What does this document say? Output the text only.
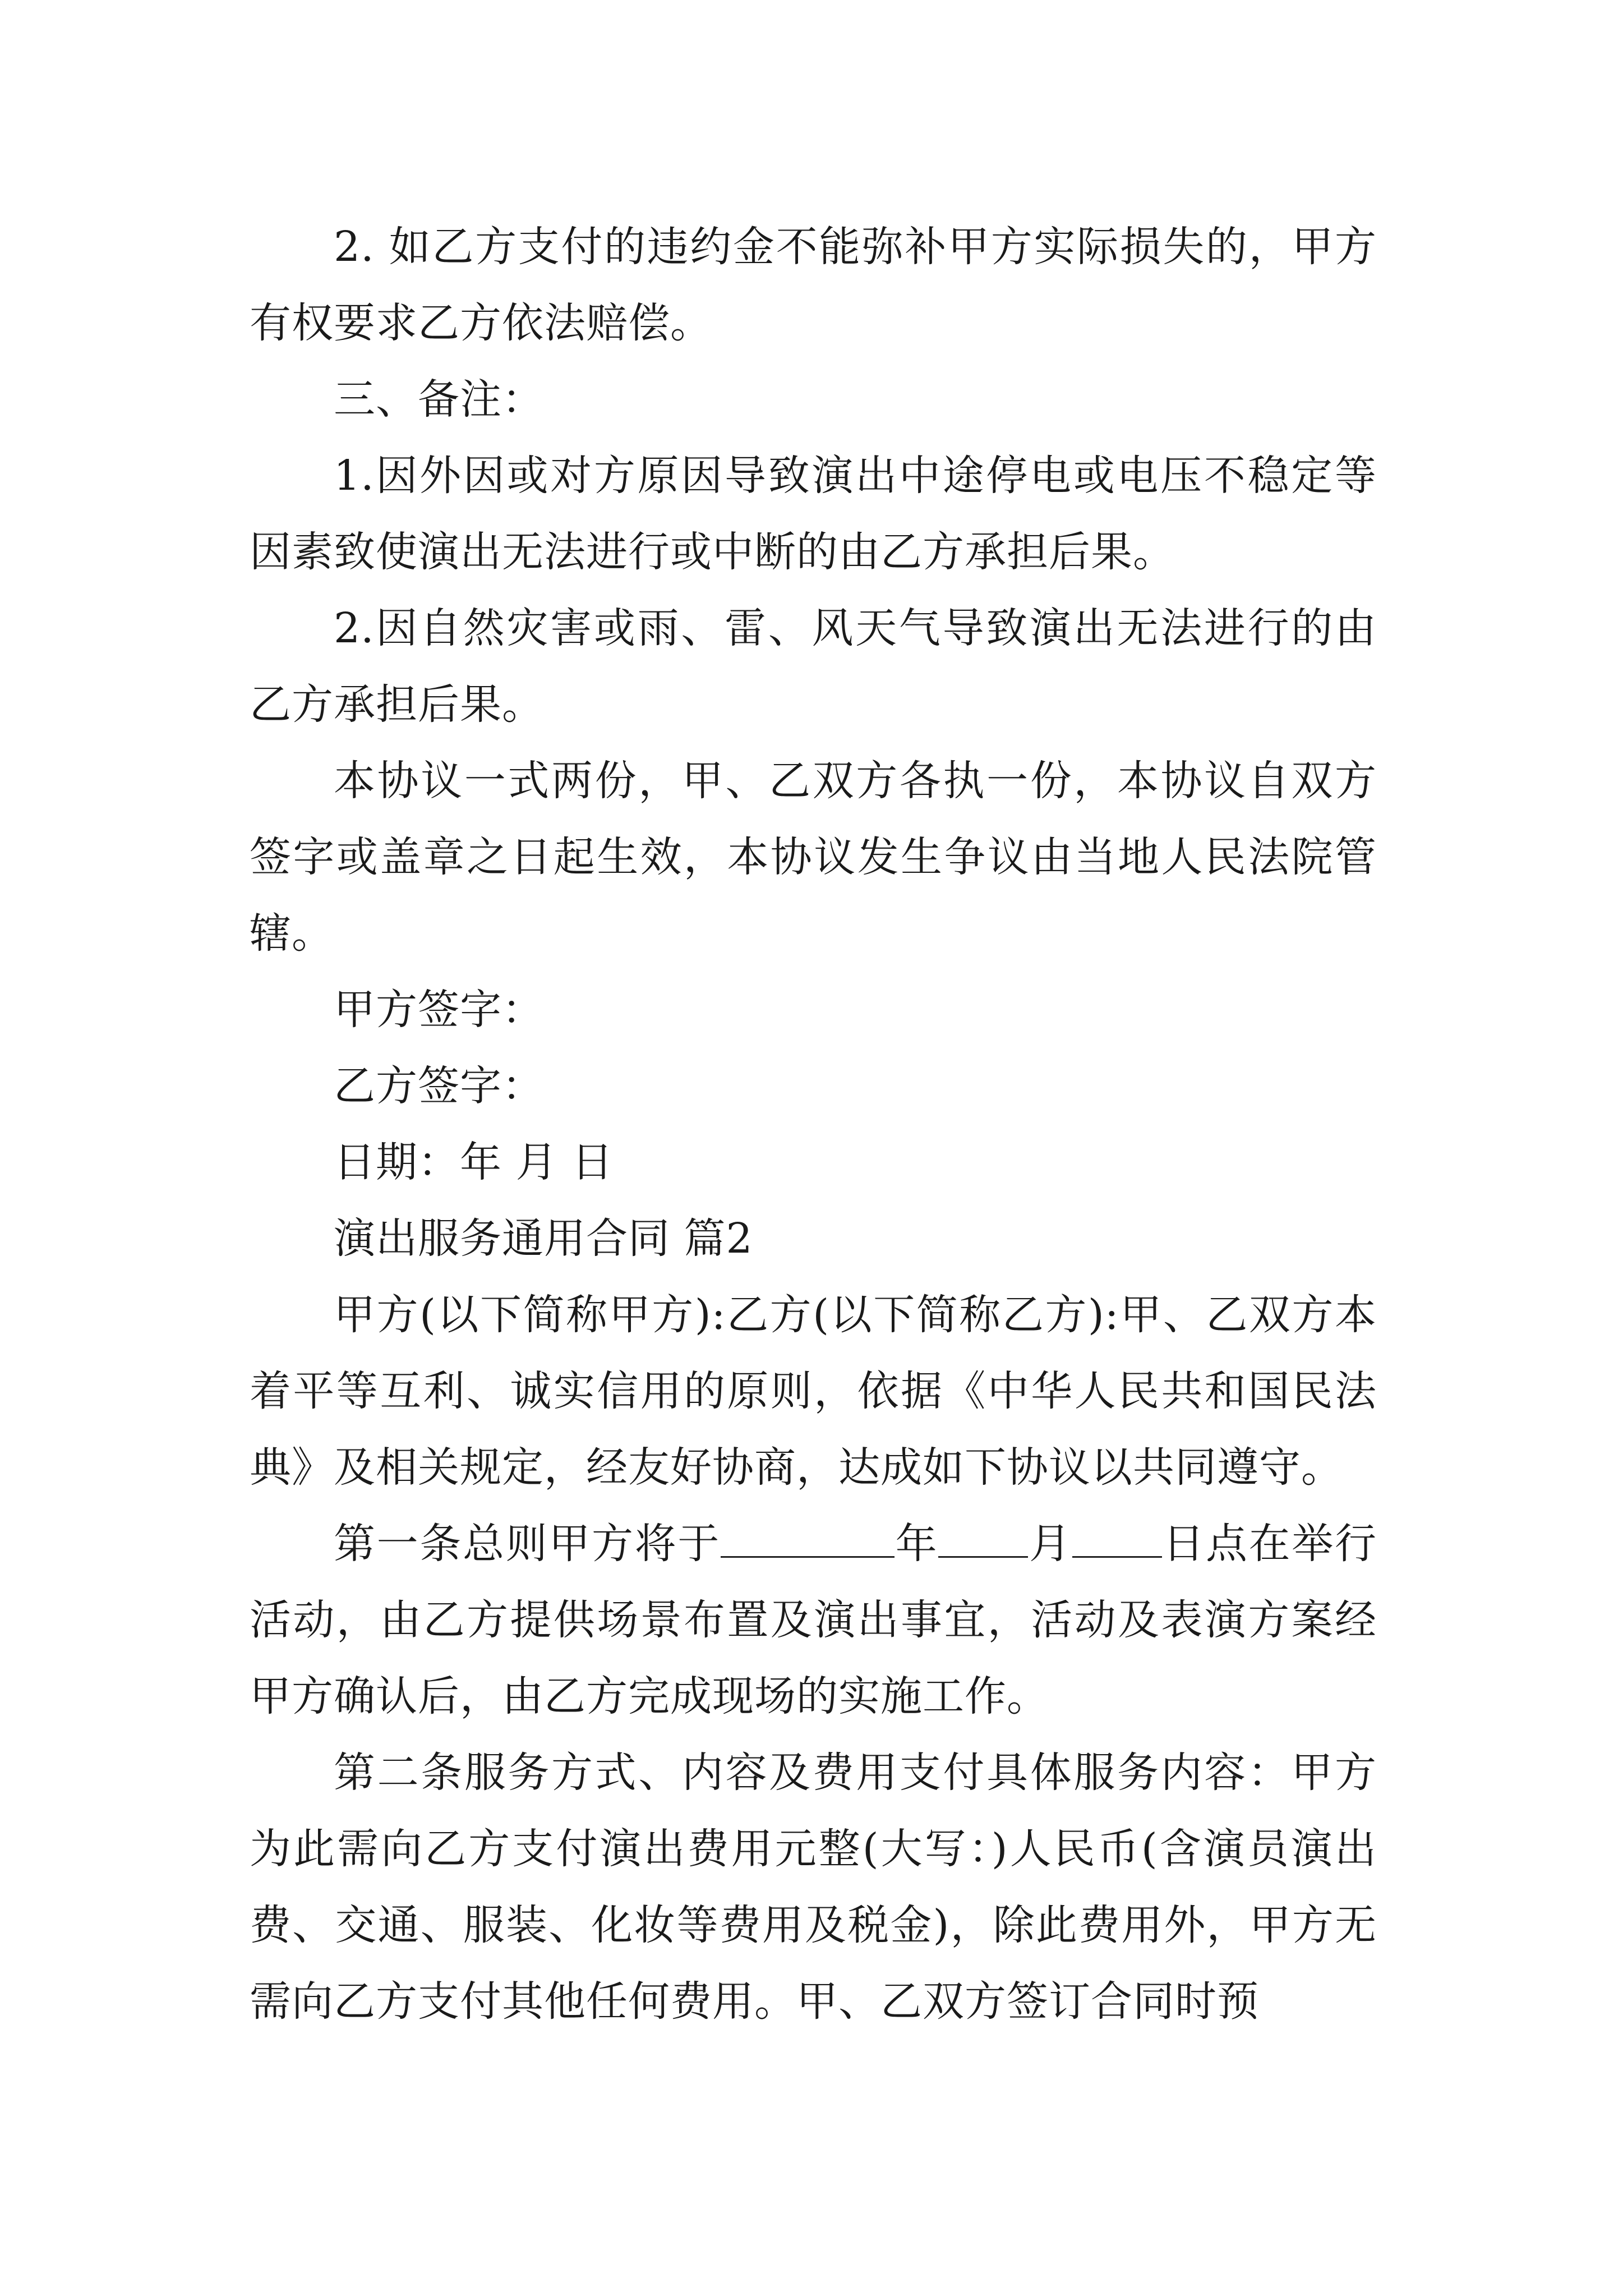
2. 如乙方支付的违约金不能弥补甲方实际损失的，甲方有权要求乙方依法赔偿。

三、备注：

1.因外因或对方原因导致演出中途停电或电压不稳定等因素致使演出无法进行或中断的由乙方承担后果。

2.因自然灾害或雨、雷、风天气导致演出无法进行的由乙方承担后果。

本协议一式两份，甲、乙双方各执一份，本协议自双方签字或盖章之日起生效，本协议发生争议由当地人民法院管辖。

甲方签字：

乙方签字：

日期：年 月 日

演出服务通用合同 篇2

甲方(以下简称甲方):乙方(以下简称乙方):甲、乙双方本着平等互利、诚实信用的原则，依据《中华人民共和国民法典》及相关规定，经友好协商，达成如下协议以共同遵守。

第一条总则甲方将于	年 月 日点在举行活动，由乙方提供场景布置及演出事宜，活动及表演方案经甲方确认后，由乙方完成现场的实施工作。

第二条服务方式、内容及费用支付具体服务内容：甲方为此需向乙方支付演出费用元整(大写：)人民币(含演员演出费、交通、服装、化妆等费用及税金)，除此费用外，甲方无需向乙方支付其他任何费用。甲、乙双方签订合同时预
